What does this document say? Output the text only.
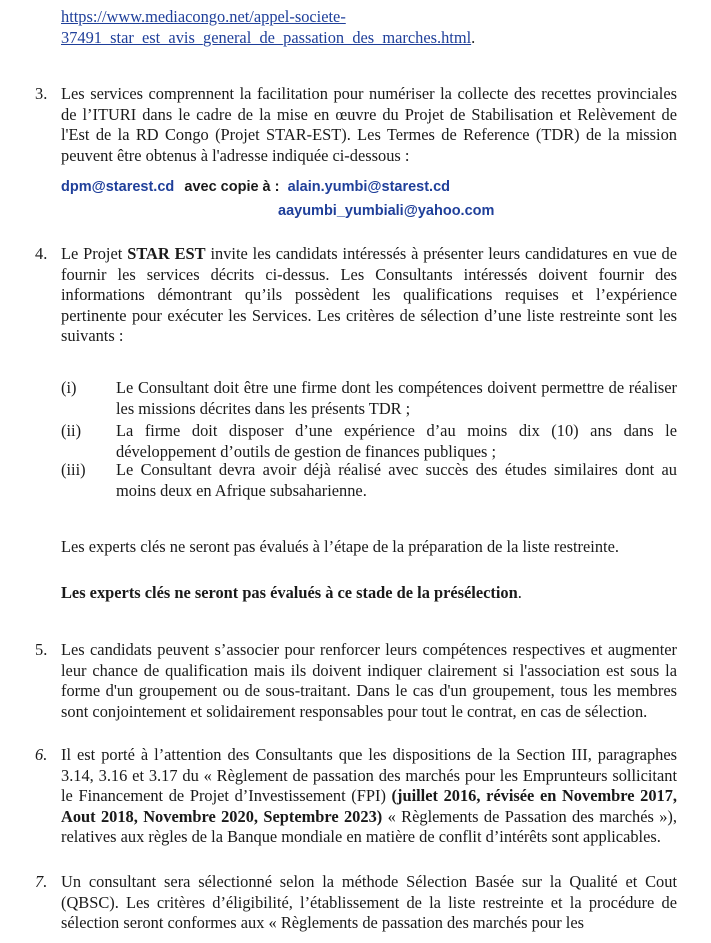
https://www.mediacongo.net/appel-societe-
37491_star_est_avis_general_de_passation_des_marches.html.
3. Les services comprennent la facilitation pour numériser la collecte des recettes provinciales de l’ITURI dans le cadre de la mise en œuvre du Projet de Stabilisation et Relèvement de l'Est de la RD Congo (Projet STAR-EST). Les Termes de Reference (TDR) de la mission peuvent être obtenus à l'adresse indiquée ci-dessous :
dpm@starest.cd avec copie à : alain.yumbi@starest.cd
aayumbi_yumbiali@yahoo.com
4. Le Projet STAR EST invite les candidats intéressés à présenter leurs candidatures en vue de fournir les services décrits ci-dessus. Les Consultants intéressés doivent fournir des informations démontrant qu’ils possèdent les qualifications requises et l’expérience pertinente pour exécuter les Services. Les critères de sélection d’une liste restreinte sont les suivants :
(i) Le Consultant doit être une firme dont les compétences doivent permettre de réaliser les missions décrites dans les présents TDR ;
(ii) La firme doit disposer d’une expérience d’au moins dix (10) ans dans le développement d’outils de gestion de finances publiques ;
(iii) Le Consultant devra avoir déjà réalisé avec succès des études similaires dont au moins deux en Afrique subsaharienne.
Les experts clés ne seront pas évalués à l’étape de la préparation de la liste restreinte.
Les experts clés ne seront pas évalués à ce stade de la présélection.
5. Les candidats peuvent s’associer pour renforcer leurs compétences respectives et augmenter leur chance de qualification mais ils doivent indiquer clairement si l'association est sous la forme d'un groupement ou de sous-traitant. Dans le cas d'un groupement, tous les membres sont conjointement et solidairement responsables pour tout le contrat, en cas de sélection.
6. Il est porté à l’attention des Consultants que les dispositions de la Section III, paragraphes 3.14, 3.16 et 3.17 du « Règlement de passation des marchés pour les Emprunteurs sollicitant le Financement de Projet d’Investissement (FPI) (juillet 2016, révisée en Novembre 2017, Aout 2018, Novembre 2020, Septembre 2023) « Règlements de Passation des marchés »), relatives aux règles de la Banque mondiale en matière de conflit d’intérêts sont applicables.
7. Un consultant sera sélectionné selon la méthode Sélection Basée sur la Qualité et Cout (QBSC). Les critères d’éligibilité, l’établissement de la liste restreinte et la procédure de sélection seront conformes aux « Règlements de passation des marchés pour les
